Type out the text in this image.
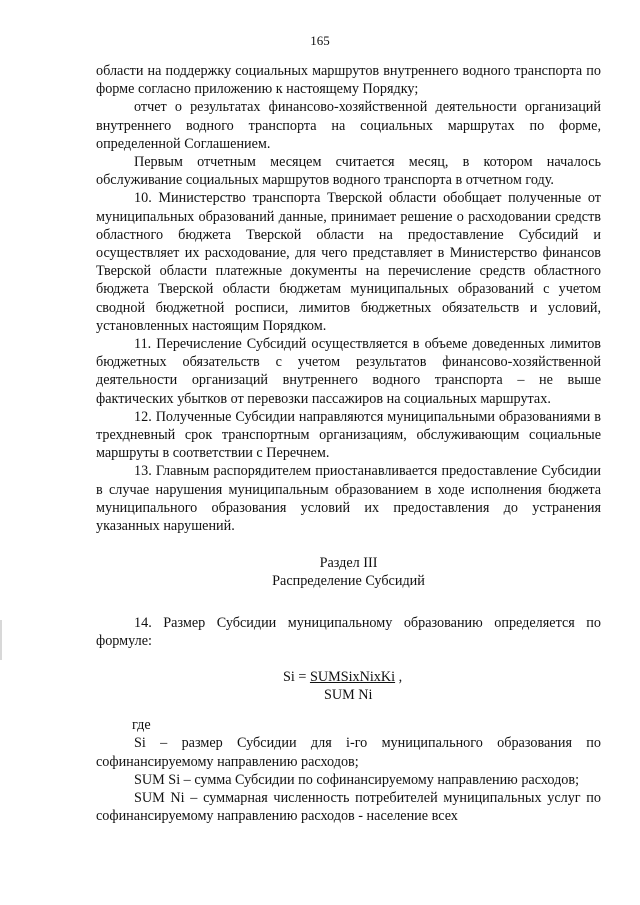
165

области на поддержку социальных маршрутов внутреннего водного транспорта по форме согласно приложению к настоящему Порядку;

отчет о результатах финансово-хозяйственной деятельности организаций внутреннего водного транспорта на социальных маршрутах по форме, определенной Соглашением.

Первым отчетным месяцем считается месяц, в котором началось обслуживание социальных маршрутов водного транспорта в отчетном году.

10. Министерство транспорта Тверской области обобщает полученные от муниципальных образований данные, принимает решение о расходовании средств областного бюджета Тверской области на предоставление Субсидий и осуществляет их расходование, для чего представляет в Министерство финансов Тверской области платежные документы на перечисление средств областного бюджета Тверской области бюджетам муниципальных образований с учетом сводной бюджетной росписи, лимитов бюджетных обязательств и условий, установленных настоящим Порядком.

11. Перечисление Субсидий осуществляется в объеме доведенных лимитов бюджетных обязательств с учетом результатов финансово-хозяйственной деятельности организаций внутреннего водного транспорта – не выше фактических убытков от перевозки пассажиров на социальных маршрутах.

12. Полученные Субсидии направляются муниципальными образованиями в трехдневный срок транспортным организациям, обслуживающим социальные маршруты в соответствии с Перечнем.

13. Главным распорядителем приостанавливается предоставление Субсидии в случае нарушения муниципальным образованием в ходе исполнения бюджета муниципального образования условий их предоставления до устранения указанных нарушений.

Раздел III

Распределение Субсидий

14. Размер Субсидии муниципальному образованию определяется по формуле:

Si = SUMSixNixKi ,
SUM Ni

где

Si – размер Субсидии для i-го муниципального образования по софинансируемому направлению расходов;

SUM Si – сумма Субсидии по софинансируемому направлению расходов;

SUM Ni – суммарная численность потребителей муниципальных услуг по софинансируемому направлению расходов - население всех
